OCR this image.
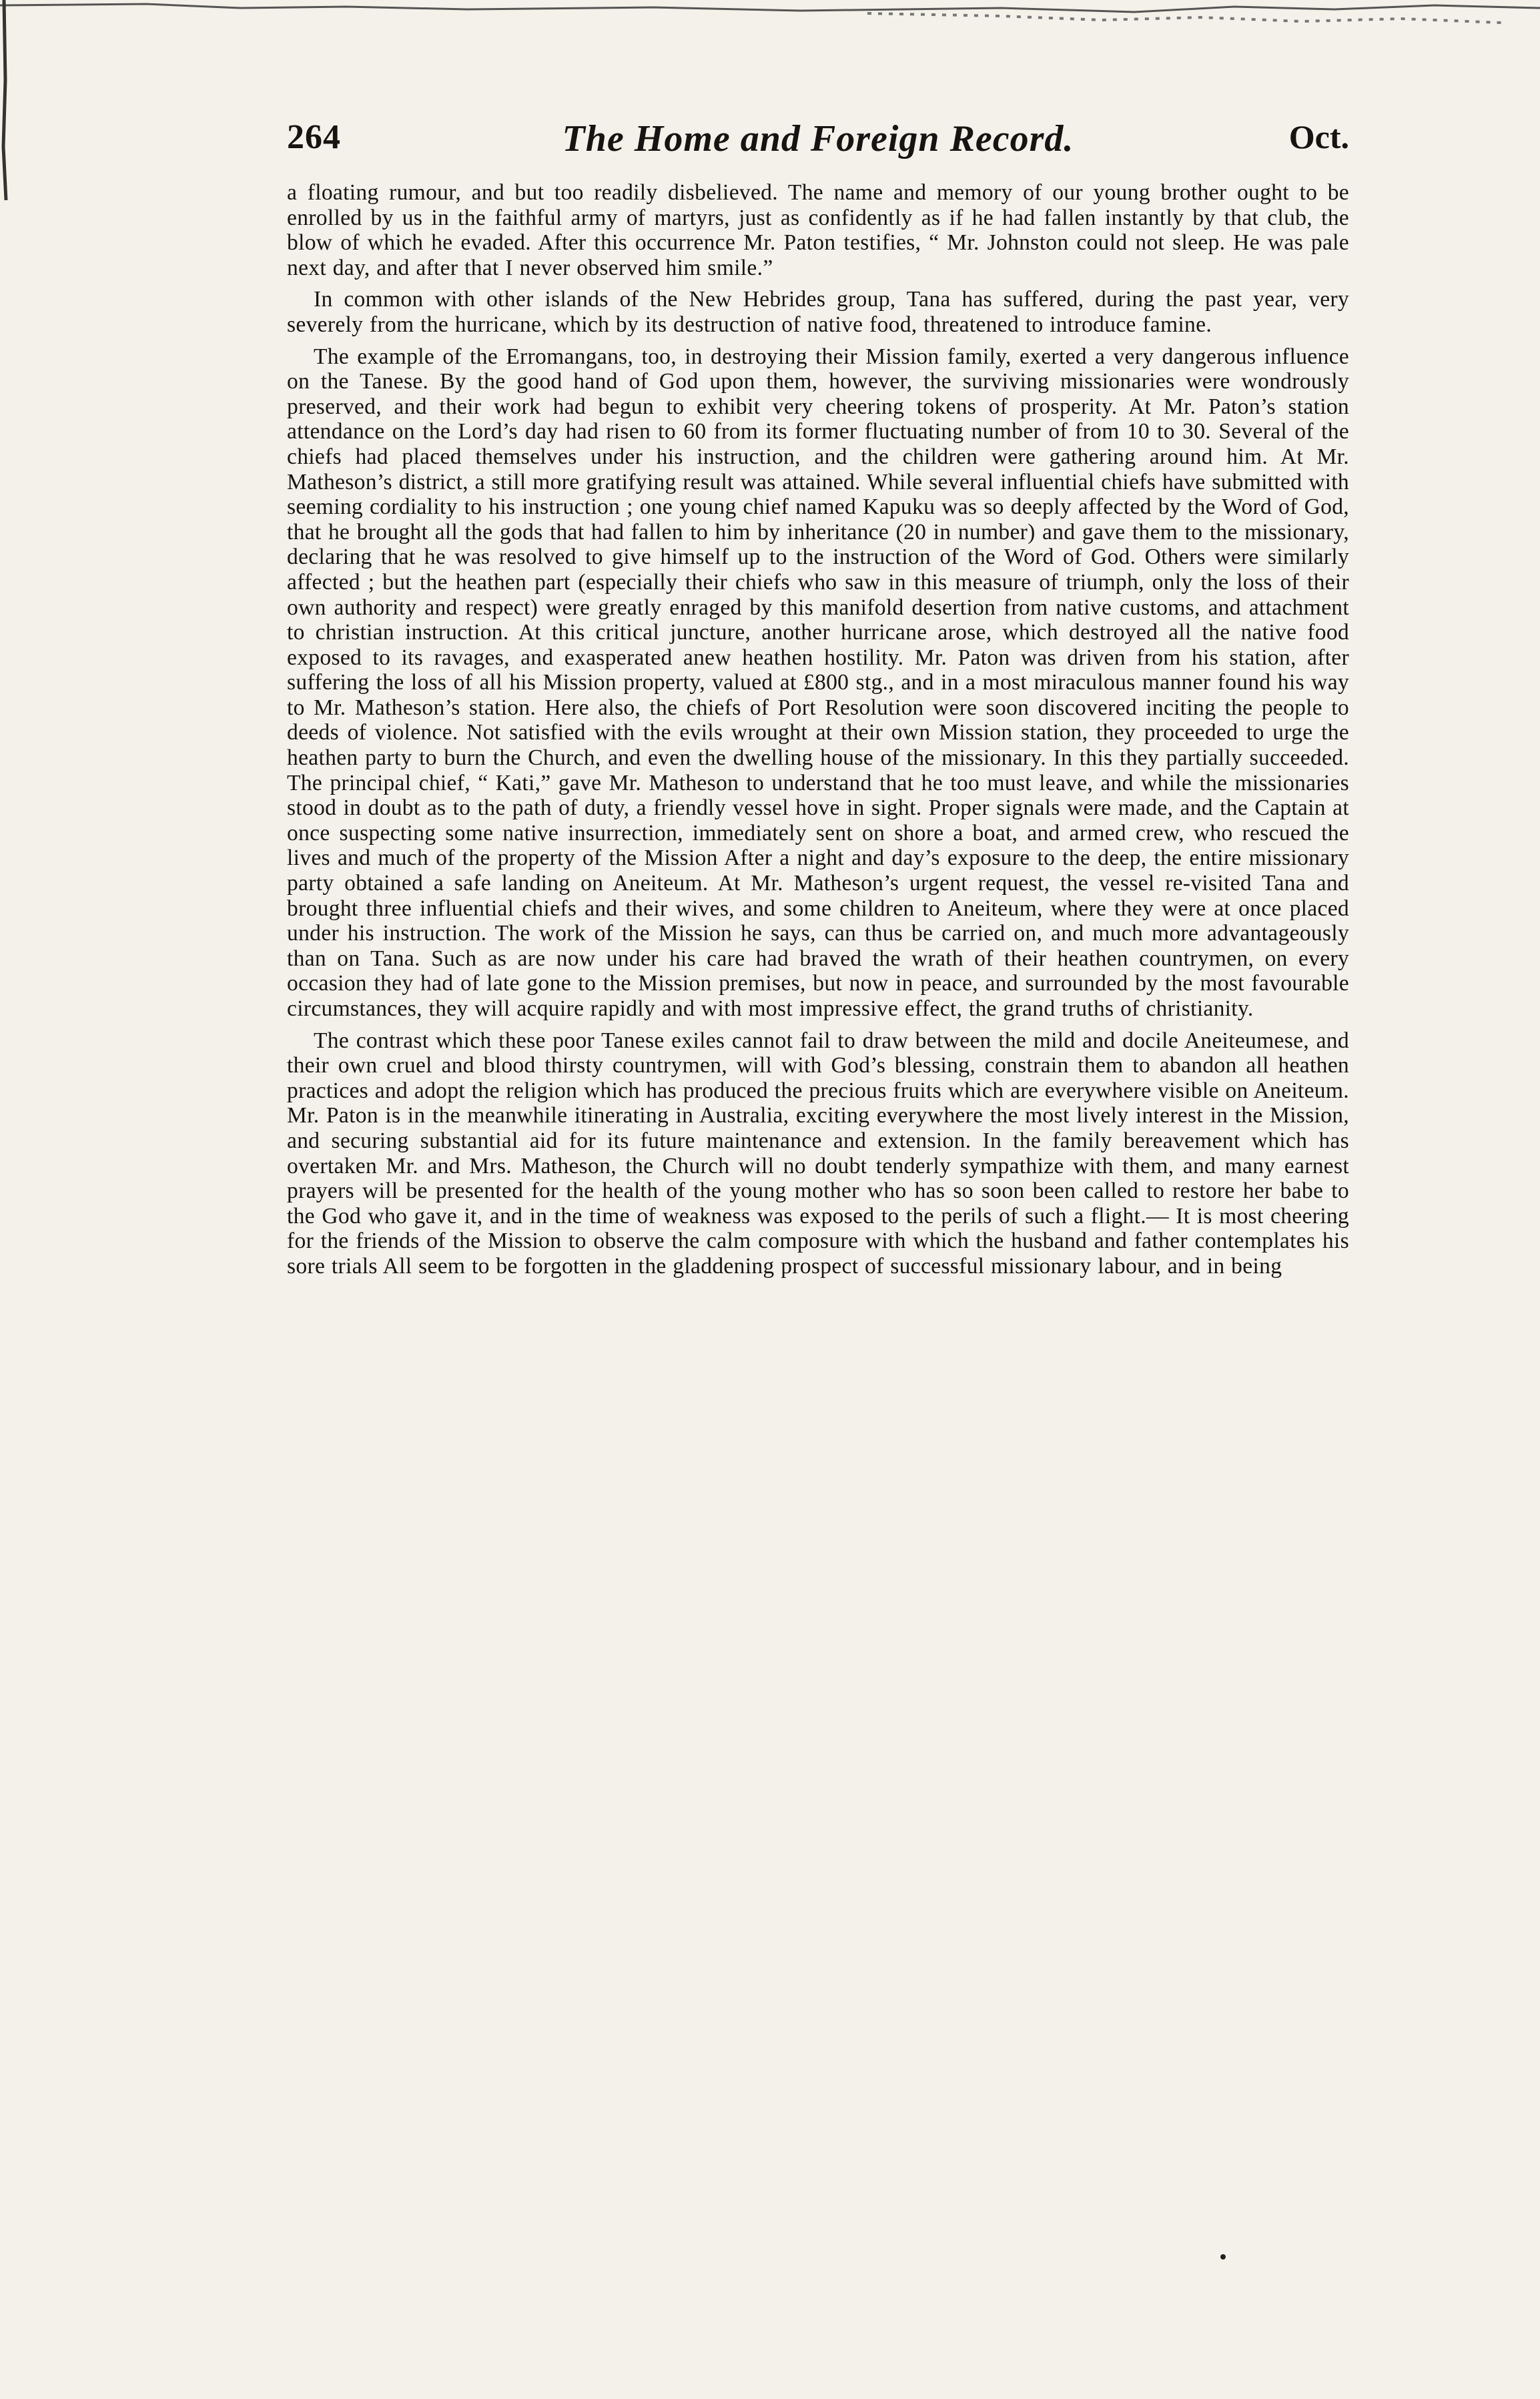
264	The Home and Foreign Record.	Oct.

a floating rumour, and but too readily disbelieved. The name and memory of our young brother ought to be enrolled by us in the faithful army of martyrs, just as confidently as if he had fallen instantly by that club, the blow of which he evaded. After this occurrence Mr. Paton testifies, “ Mr. Johnston could not sleep. He was pale next day, and after that I never observed him smile.”

In common with other islands of the New Hebrides group, Tana has suffered, during the past year, very severely from the hurricane, which by its destruction of native food, threatened to introduce famine.

The example of the Erromangans, too, in destroying their Mission family, exerted a very dangerous influence on the Tanese. By the good hand of God upon them, however, the surviving missionaries were wondrously preserved, and their work had begun to exhibit very cheering tokens of prosperity. At Mr. Paton’s station attendance on the Lord’s day had risen to 60 from its former fluctuating number of from 10 to 30. Several of the chiefs had placed themselves under his instruction, and the children were gathering around him. At Mr. Matheson’s district, a still more gratifying result was attained. While several influential chiefs have submitted with seeming cordiality to his instruction ; one young chief named Kapuku was so deeply affected by the Word of God, that he brought all the gods that had fallen to him by inheritance (20 in number) and gave them to the missionary, declaring that he was resolved to give himself up to the instruction of the Word of God. Others were similarly affected ; but the heathen part (especially their chiefs who saw in this measure of triumph, only the loss of their own authority and respect) were greatly enraged by this manifold desertion from native customs, and attachment to christian instruction. At this critical juncture, another hurricane arose, which destroyed all the native food exposed to its ravages, and exasperated anew heathen hostility. Mr. Paton was driven from his station, after suffering the loss of all his Mission property, valued at £800 stg., and in a most miraculous manner found his way to Mr. Matheson’s station. Here also, the chiefs of Port Resolution were soon discovered inciting the people to deeds of violence. Not satisfied with the evils wrought at their own Mission station, they proceeded to urge the heathen party to burn the Church, and even the dwelling house of the missionary. In this they partially succeeded. The principal chief, “ Kati,” gave Mr. Matheson to understand that he too must leave, and while the missionaries stood in doubt as to the path of duty, a friendly vessel hove in sight. Proper signals were made, and the Captain at once suspecting some native insurrection, immediately sent on shore a boat, and armed crew, who rescued the lives and much of the property of the Mission After a night and day’s exposure to the deep, the entire missionary party obtained a safe landing on Aneiteum. At Mr. Matheson’s urgent request, the vessel re-visited Tana and brought three influential chiefs and their wives, and some children to Aneiteum, where they were at once placed under his instruction. The work of the Mission he says, can thus be carried on, and much more advantageously than on Tana. Such as are now under his care had braved the wrath of their heathen countrymen, on every occasion they had of late gone to the Mission premises, but now in peace, and surrounded by the most favourable circumstances, they will acquire rapidly and with most impressive effect, the grand truths of christianity.

The contrast which these poor Tanese exiles cannot fail to draw between the mild and docile Aneiteumese, and their own cruel and blood thirsty countrymen, will with God’s blessing, constrain them to abandon all heathen practices and adopt the religion which has produced the precious fruits which are everywhere visible on Aneiteum. Mr. Paton is in the meanwhile itinerating in Australia, exciting everywhere the most lively interest in the Mission, and securing substantial aid for its future maintenance and extension. In the family bereavement which has overtaken Mr. and Mrs. Matheson, the Church will no doubt tenderly sympathize with them, and many earnest prayers will be presented for the health of the young mother who has so soon been called to restore her babe to the God who gave it, and in the time of weakness was exposed to the perils of such a flight.— It is most cheering for the friends of the Mission to observe the calm composure with which the husband and father contemplates his sore trials All seem to be forgotten in the gladdening prospect of successful missionary labour, and in being
